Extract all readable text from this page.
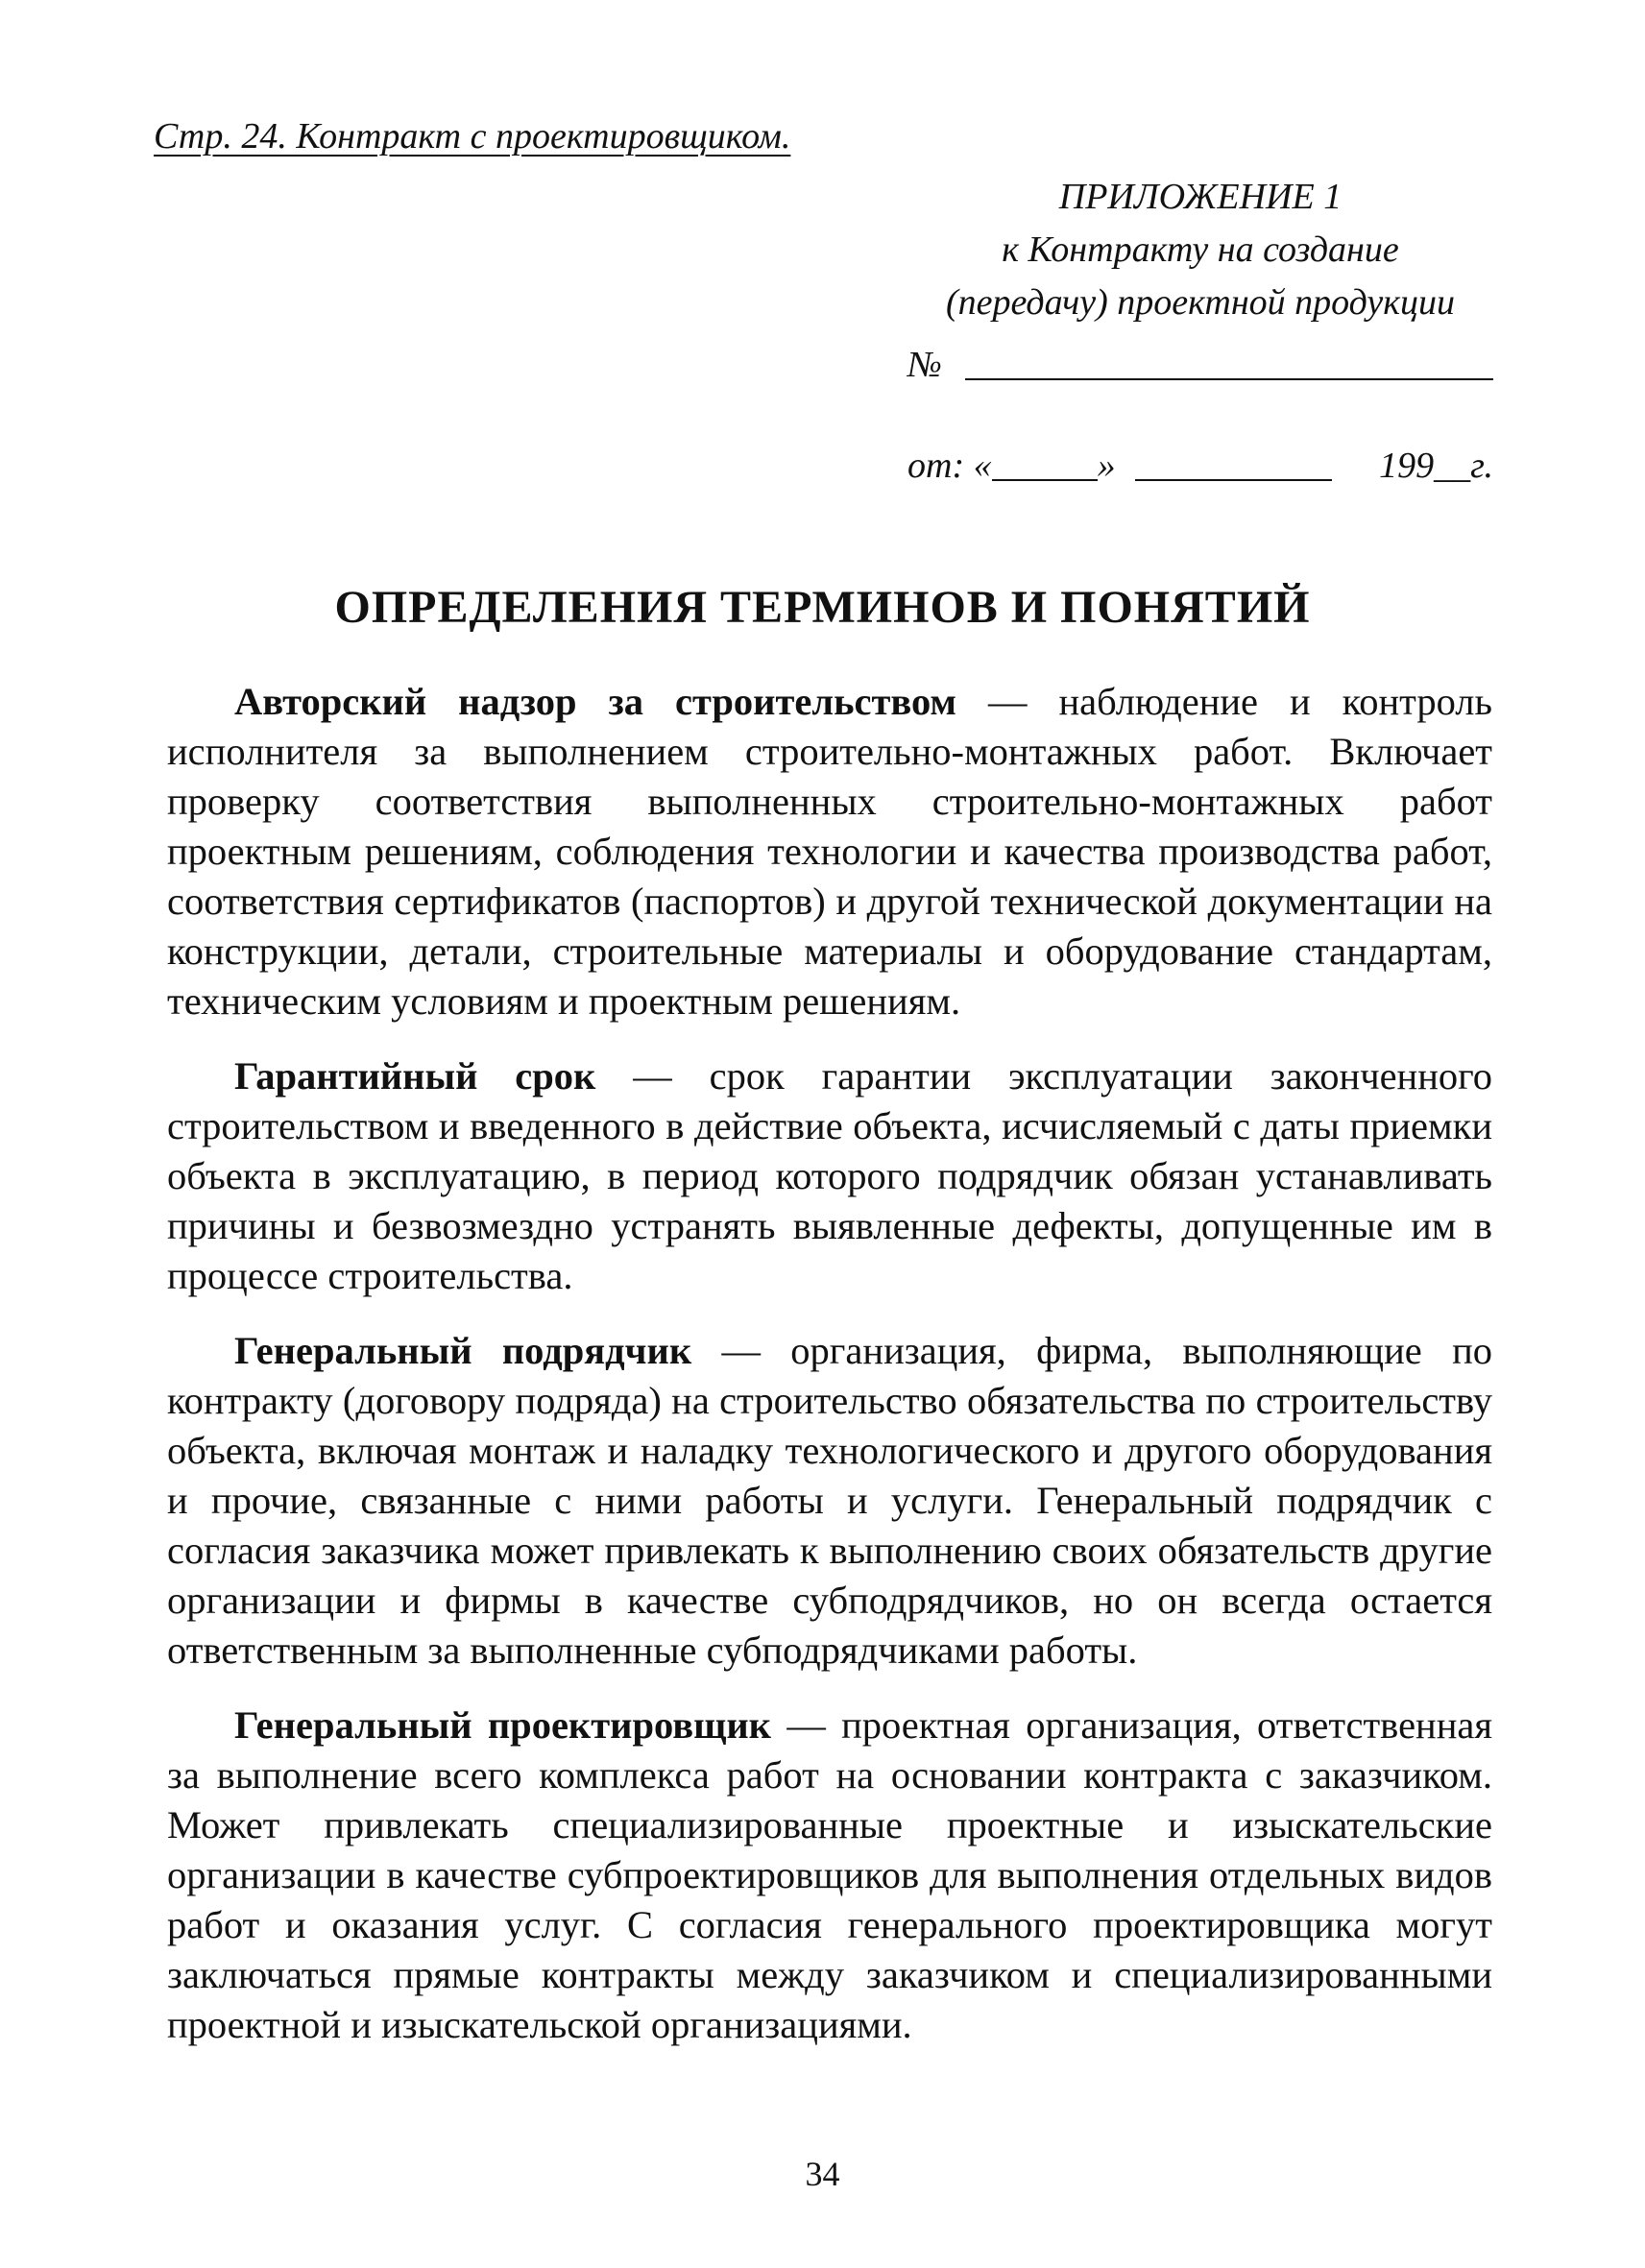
Стр. 24. Контракт с проектировщиком.
ПРИЛОЖЕНИЕ 1
к Контракту на создание
(передачу) проектной продукции
№
от: «	»	199__г.
ОПРЕДЕЛЕНИЯ ТЕРМИНОВ И ПОНЯТИЙ

Авторский надзор за строительством — наблюдение и контроль исполнителя за выполнением строительно-монтажных работ. Включает проверку соответствия выполненных строительно-монтажных работ проектным решениям, соблюдения технологии и качества производства работ, соответствия сертификатов (паспортов) и другой технической документации на конструкции, детали, строительные материалы и оборудование стандартам, техническим условиям и проектным решениям.

Гарантийный срок — срок гарантии эксплуатации законченного строительством и введенного в действие объекта, исчисляемый с даты приемки объекта в эксплуатацию, в период которого подрядчик обязан устанавливать причины и безвозмездно устранять выявленные дефекты, допущенные им в процессе строительства.

Генеральный подрядчик — организация, фирма, выполняющие по контракту (договору подряда) на строительство обязательства по строительству объекта, включая монтаж и наладку технологического и другого оборудования и прочие, связанные с ними работы и услуги. Генеральный подрядчик с согласия заказчика может привлекать к выполнению своих обязательств другие организации и фирмы в качестве субподрядчиков, но он всегда остается ответственным за выполненные субподрядчиками работы.

Генеральный проектировщик — проектная организация, ответственная за выполнение всего комплекса работ на основании контракта с заказчиком. Может привлекать специализированные проектные и изыскательские организации в качестве субпроектировщиков для выполнения отдельных видов работ и оказания услуг. С согласия генерального проектировщика могут заключаться прямые контракты между заказчиком и специализированными проектной и изыскательской организациями.

34
